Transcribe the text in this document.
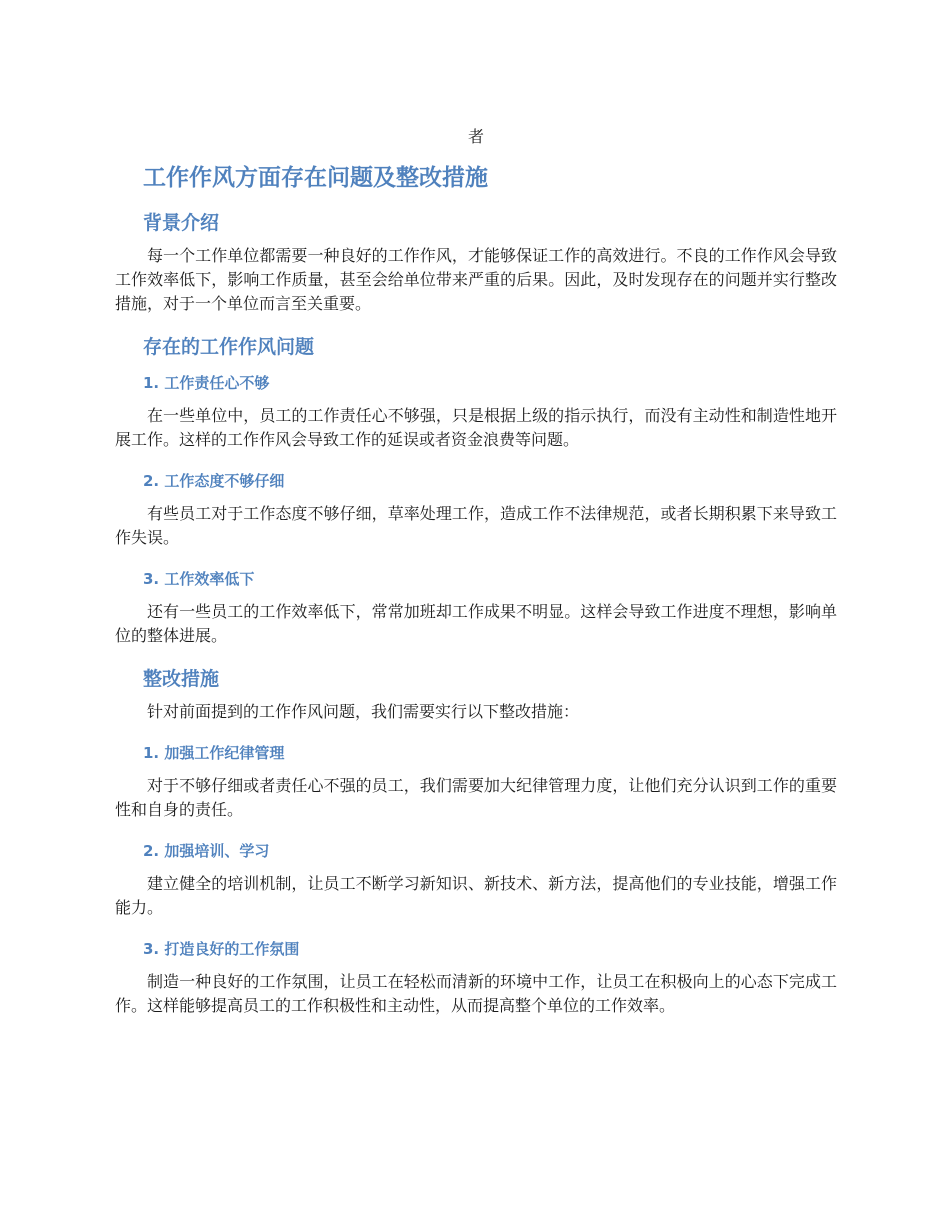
者
工作作风方面存在问题及整改措施
背景介绍

每一个工作单位都需要一种良好的工作作风，才能够保证工作的高效进行。不良的工作作风会导致工作效率低下，影响工作质量，甚至会给单位带来严重的后果。因此，及时发现存在的问题并实行整改措施，对于一个单位而言至关重要。

存在的工作作风问题
1. 工作责任心不够

在一些单位中，员工的工作责任心不够强，只是根据上级的指示执行，而没有主动性和制造性地开展工作。这样的工作作风会导致工作的延误或者资金浪费等问题。

2. 工作态度不够仔细

有些员工对于工作态度不够仔细，草率处理工作，造成工作不法律规范，或者长期积累下来导致工作失误。

3. 工作效率低下

还有一些员工的工作效率低下，常常加班却工作成果不明显。这样会导致工作进度不理想，影响单位的整体进展。

整改措施

针对前面提到的工作作风问题，我们需要实行以下整改措施：

1. 加强工作纪律管理

对于不够仔细或者责任心不强的员工，我们需要加大纪律管理力度，让他们充分认识到工作的重要性和自身的责任。

2. 加强培训、学习

建立健全的培训机制，让员工不断学习新知识、新技术、新方法，提高他们的专业技能，增强工作能力。

3. 打造良好的工作氛围

制造一种良好的工作氛围，让员工在轻松而清新的环境中工作，让员工在积极向上的心态下完成工作。这样能够提高员工的工作积极性和主动性，从而提高整个单位的工作效率。
